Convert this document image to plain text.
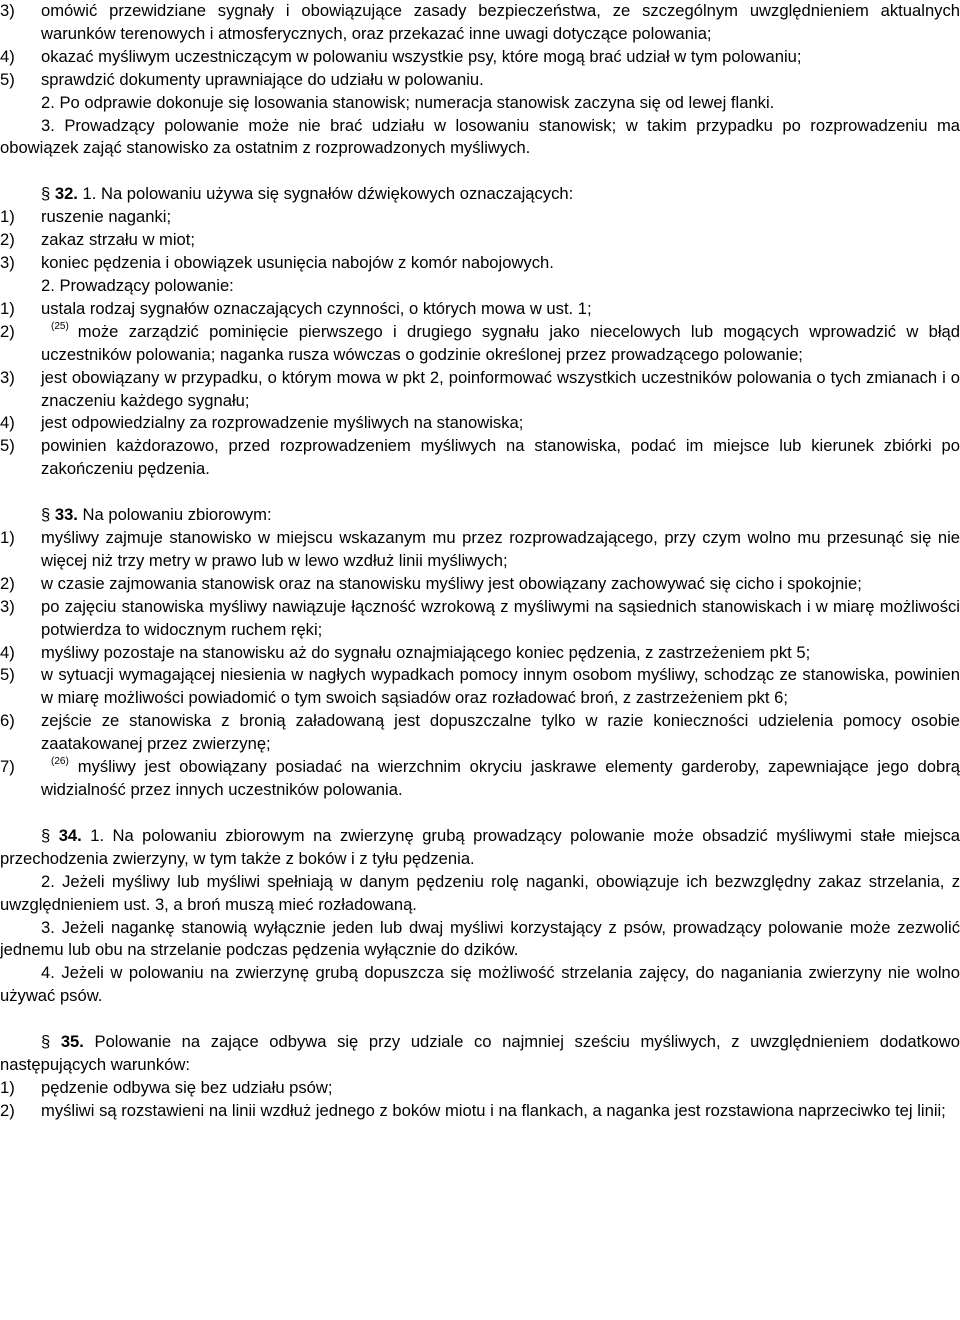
3)	omówić przewidziane sygnały i obowiązujące zasady bezpieczeństwa, ze szczególnym uwzględnieniem aktualnych warunków terenowych i atmosferycznych, oraz przekazać inne uwagi dotyczące polowania;
4)	okazać myśliwym uczestniczącym w polowaniu wszystkie psy, które mogą brać udział w tym polowaniu;
5)	sprawdzić dokumenty uprawniające do udziału w polowaniu.
2. Po odprawie dokonuje się losowania stanowisk; numeracja stanowisk zaczyna się od lewej flanki.
3. Prowadzący polowanie może nie brać udziału w losowaniu stanowisk; w takim przypadku po rozprowadzeniu ma obowiązek zająć stanowisko za ostatnim z rozprowadzonych myśliwych.
§ 32. 1. Na polowaniu używa się sygnałów dźwiękowych oznaczających:
1)	ruszenie naganki;
2)	zakaz strzału w miot;
3)	koniec pędzenia i obowiązek usunięcia nabojów z komór nabojowych.
2. Prowadzący polowanie:
1)	ustala rodzaj sygnałów oznaczających czynności, o których mowa w ust. 1;
2)	$^{(25)}$ może zarządzić pominięcie pierwszego i drugiego sygnału jako niecelowych lub mogących wprowadzić w błąd uczestników polowania; naganka rusza wówczas o godzinie określonej przez prowadzącego polowanie;
3)	jest obowiązany w przypadku, o którym mowa w pkt 2, poinformować wszystkich uczestników polowania o tych zmianach i o znaczeniu każdego sygnału;
4)	jest odpowiedzialny za rozprowadzenie myśliwych na stanowiska;
5)	powinien każdorazowo, przed rozprowadzeniem myśliwych na stanowiska, podać im miejsce lub kierunek zbiórki po zakończeniu pędzenia.
§ 33. Na polowaniu zbiorowym:
1)	myśliwy zajmuje stanowisko w miejscu wskazanym mu przez rozprowadzającego, przy czym wolno mu przesunąć się nie więcej niż trzy metry w prawo lub w lewo wzdłuż linii myśliwych;
2)	w czasie zajmowania stanowisk oraz na stanowisku myśliwy jest obowiązany zachowywać się cicho i spokojnie;
3)	po zajęciu stanowiska myśliwy nawiązuje łączność wzrokową z myśliwymi na sąsiednich stanowiskach i w miarę możliwości potwierdza to widocznym ruchem ręki;
4)	myśliwy pozostaje na stanowisku aż do sygnału oznajmiającego koniec pędzenia, z zastrzeżeniem pkt 5;
5)	w sytuacji wymagającej niesienia w nagłych wypadkach pomocy innym osobom myśliwy, schodząc ze stanowiska, powinien w miarę możliwości powiadomić o tym swoich sąsiadów oraz rozładować broń, z zastrzeżeniem pkt 6;
6)	zejście ze stanowiska z bronią załadowaną jest dopuszczalne tylko w razie konieczności udzielenia pomocy osobie zaatakowanej przez zwierzynę;
7)	$^{(26)}$ myśliwy jest obowiązany posiadać na wierzchnim okryciu jaskrawe elementy garderoby, zapewniające jego dobrą widzialność przez innych uczestników polowania.
§ 34. 1. Na polowaniu zbiorowym na zwierzynę grubą prowadzący polowanie może obsadzić myśliwymi stałe miejsca przechodzenia zwierzyny, w tym także z boków i z tyłu pędzenia.
2. Jeżeli myśliwy lub myśliwi spełniają w danym pędzeniu rolę naganki, obowiązuje ich bezwzględny zakaz strzelania, z uwzględnieniem ust. 3, a broń muszą mieć rozładowaną.
3. Jeżeli nagankę stanowią wyłącznie jeden lub dwaj myśliwi korzystający z psów, prowadzący polowanie może zezwolić jednemu lub obu na strzelanie podczas pędzenia wyłącznie do dzików.
4. Jeżeli w polowaniu na zwierzynę grubą dopuszcza się możliwość strzelania zajęcy, do naganiania zwierzyny nie wolno używać psów.
§ 35. Polowanie na zające odbywa się przy udziale co najmniej sześciu myśliwych, z uwzględnieniem dodatkowo następujących warunków:
1)	pędzenie odbywa się bez udziału psów;
2)	myśliwi są rozstawieni na linii wzdłuż jednego z boków miotu i na flankach, a naganka jest rozstawiona naprzeciwko tej linii;
